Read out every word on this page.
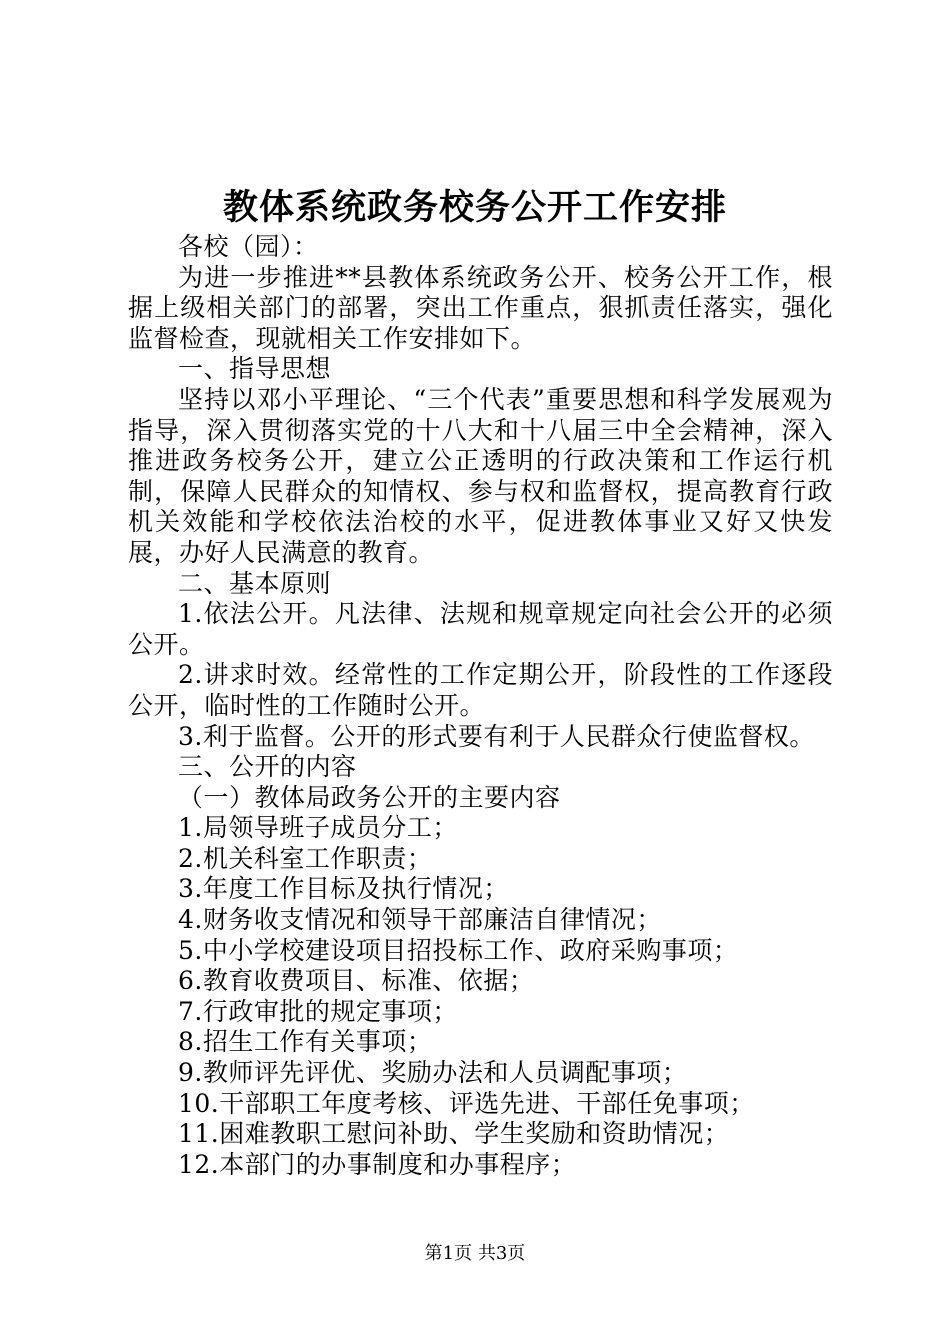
教体系统政务校务公开工作安排

各校（园）：

为进一步推进**县教体系统政务公开、校务公开工作，根据上级相关部门的部署，突出工作重点，狠抓责任落实，强化监督检查，现就相关工作安排如下。

一、指导思想

坚持以邓小平理论、“三个代表”重要思想和科学发展观为指导，深入贯彻落实党的十八大和十八届三中全会精神，深入推进政务校务公开，建立公正透明的行政决策和工作运行机制，保障人民群众的知情权、参与权和监督权，提高教育行政机关效能和学校依法治校的水平，促进教体事业又好又快发展，办好人民满意的教育。

二、基本原则

1.依法公开。凡法律、法规和规章规定向社会公开的必须公开。

2.讲求时效。经常性的工作定期公开，阶段性的工作逐段公开，临时性的工作随时公开。

3.利于监督。公开的形式要有利于人民群众行使监督权。

三、公开的内容

（一）教体局政务公开的主要内容

1.局领导班子成员分工；

2.机关科室工作职责；

3.年度工作目标及执行情况；

4.财务收支情况和领导干部廉洁自律情况；

5.中小学校建设项目招投标工作、政府采购事项；

6.教育收费项目、标准、依据；

7.行政审批的规定事项；

8.招生工作有关事项；

9.教师评先评优、奖励办法和人员调配事项；

10.干部职工年度考核、评选先进、干部任免事项；

11.困难教职工慰问补助、学生奖励和资助情况；

12.本部门的办事制度和办事程序；

第1页 共3页
